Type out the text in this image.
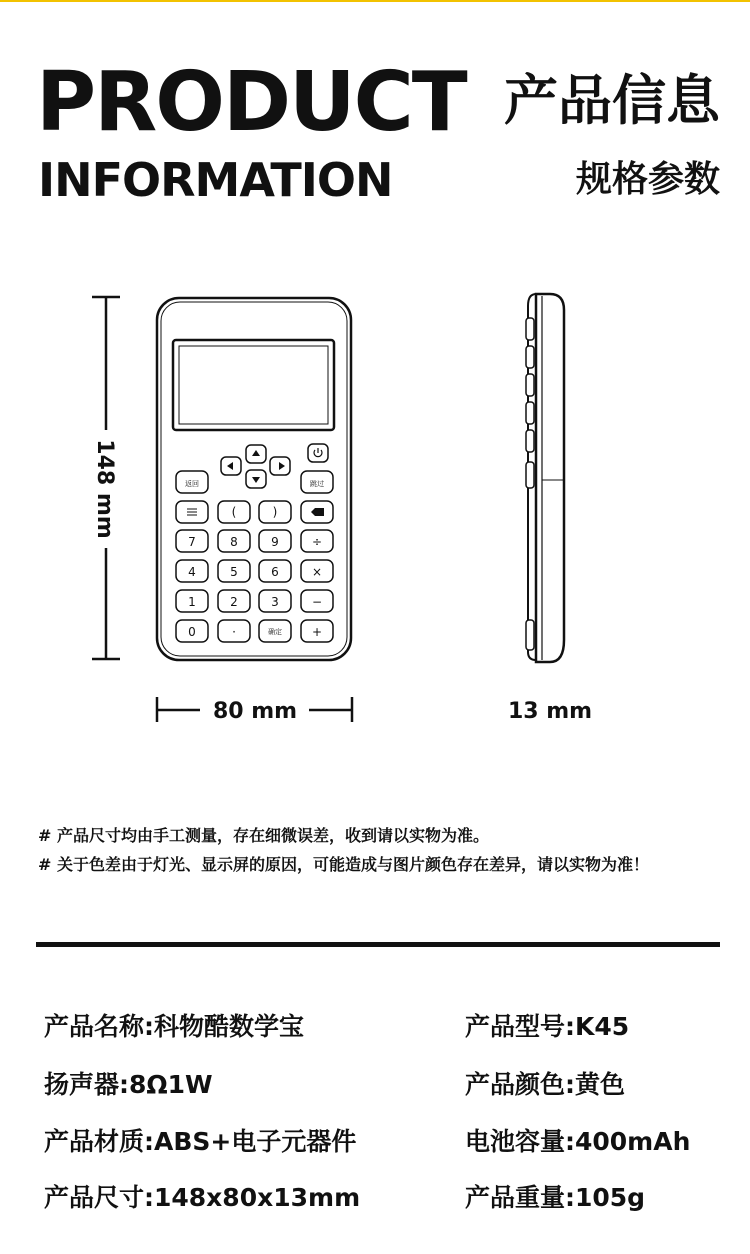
PRODUCT
INFORMATION
产品信息
规格参数
148 mm
80 mm	13 mm
返回	跳过
(	)
7	8	9	÷
4	5	6	×
1	2	3	−
0	·	确定 +
# 产品尺寸均由手工测量，存在细微误差，收到请以实物为准。
# 关于色差由于灯光、显示屏的原因，可能造成与图片颜色存在差异，请以实物为准！
产品名称:科物酷数学宝	产品型号:K45
扬声器:8Ω1W	产品颜色:黄色
产品材质:ABS+电子元器件	电池容量:400mAh
产品尺寸:148x80x13mm	产品重量:105g
